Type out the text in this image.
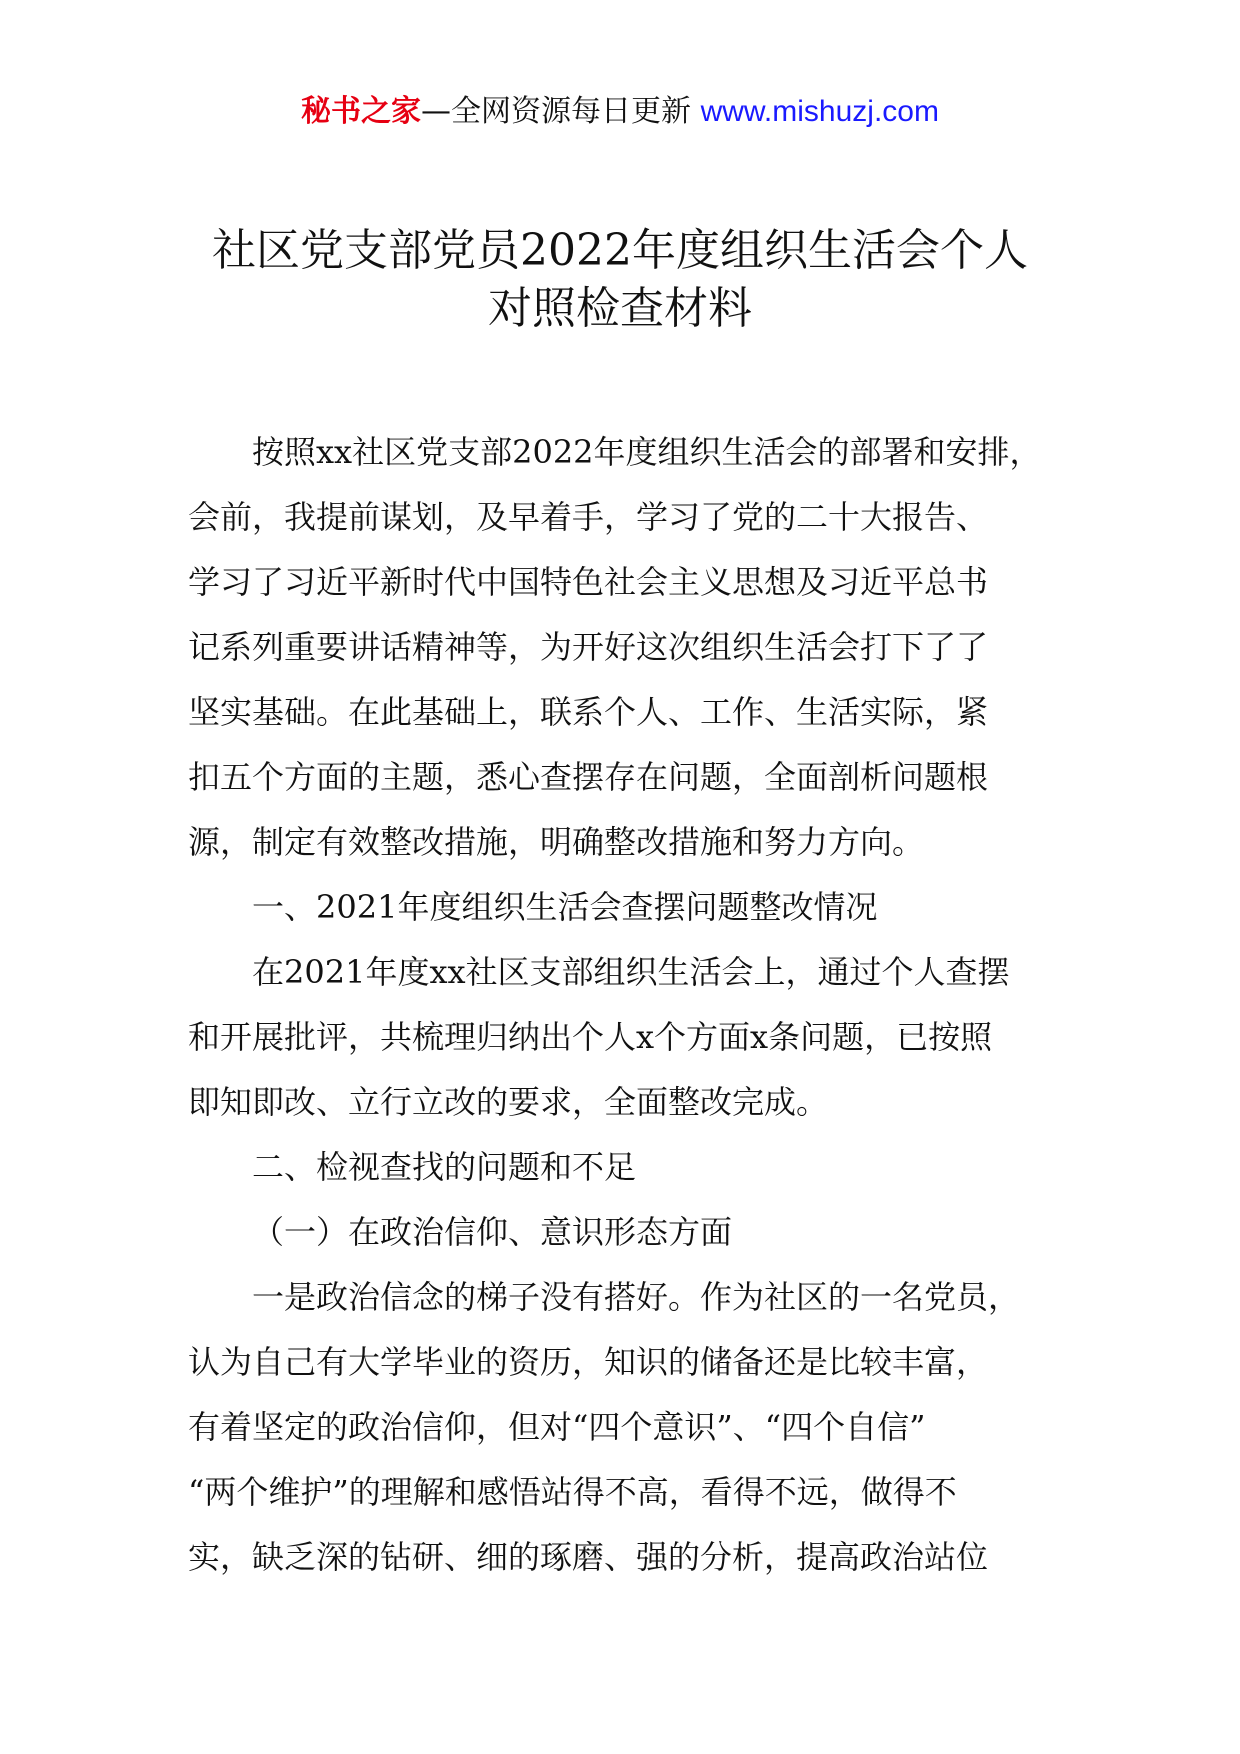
秘书之家—全网资源每日更新 www.mishuzj.com
社区党支部党员2022年度组织生活会个人
对照检查材料
按照xx社区党支部2022年度组织生活会的部署和安排，
会前，我提前谋划，及早着手，学习了党的二十大报告、
学习了习近平新时代中国特色社会主义思想及习近平总书
记系列重要讲话精神等，为开好这次组织生活会打下了了
坚实基础。在此基础上，联系个人、工作、生活实际，紧
扣五个方面的主题，悉心查摆存在问题，全面剖析问题根
源，制定有效整改措施，明确整改措施和努力方向。
一、2021年度组织生活会查摆问题整改情况
在2021年度xx社区支部组织生活会上，通过个人查摆
和开展批评，共梳理归纳出个人x个方面x条问题，已按照
即知即改、立行立改的要求，全面整改完成。
二、检视查找的问题和不足
（一）在政治信仰、意识形态方面
一是政治信念的梯子没有搭好。作为社区的一名党员，
认为自己有大学毕业的资历，知识的储备还是比较丰富，
有着坚定的政治信仰，但对“四个意识”、“四个自信”
“两个维护”的理解和感悟站得不高，看得不远，做得不
实，缺乏深的钻研、细的琢磨、强的分析，提高政治站位
